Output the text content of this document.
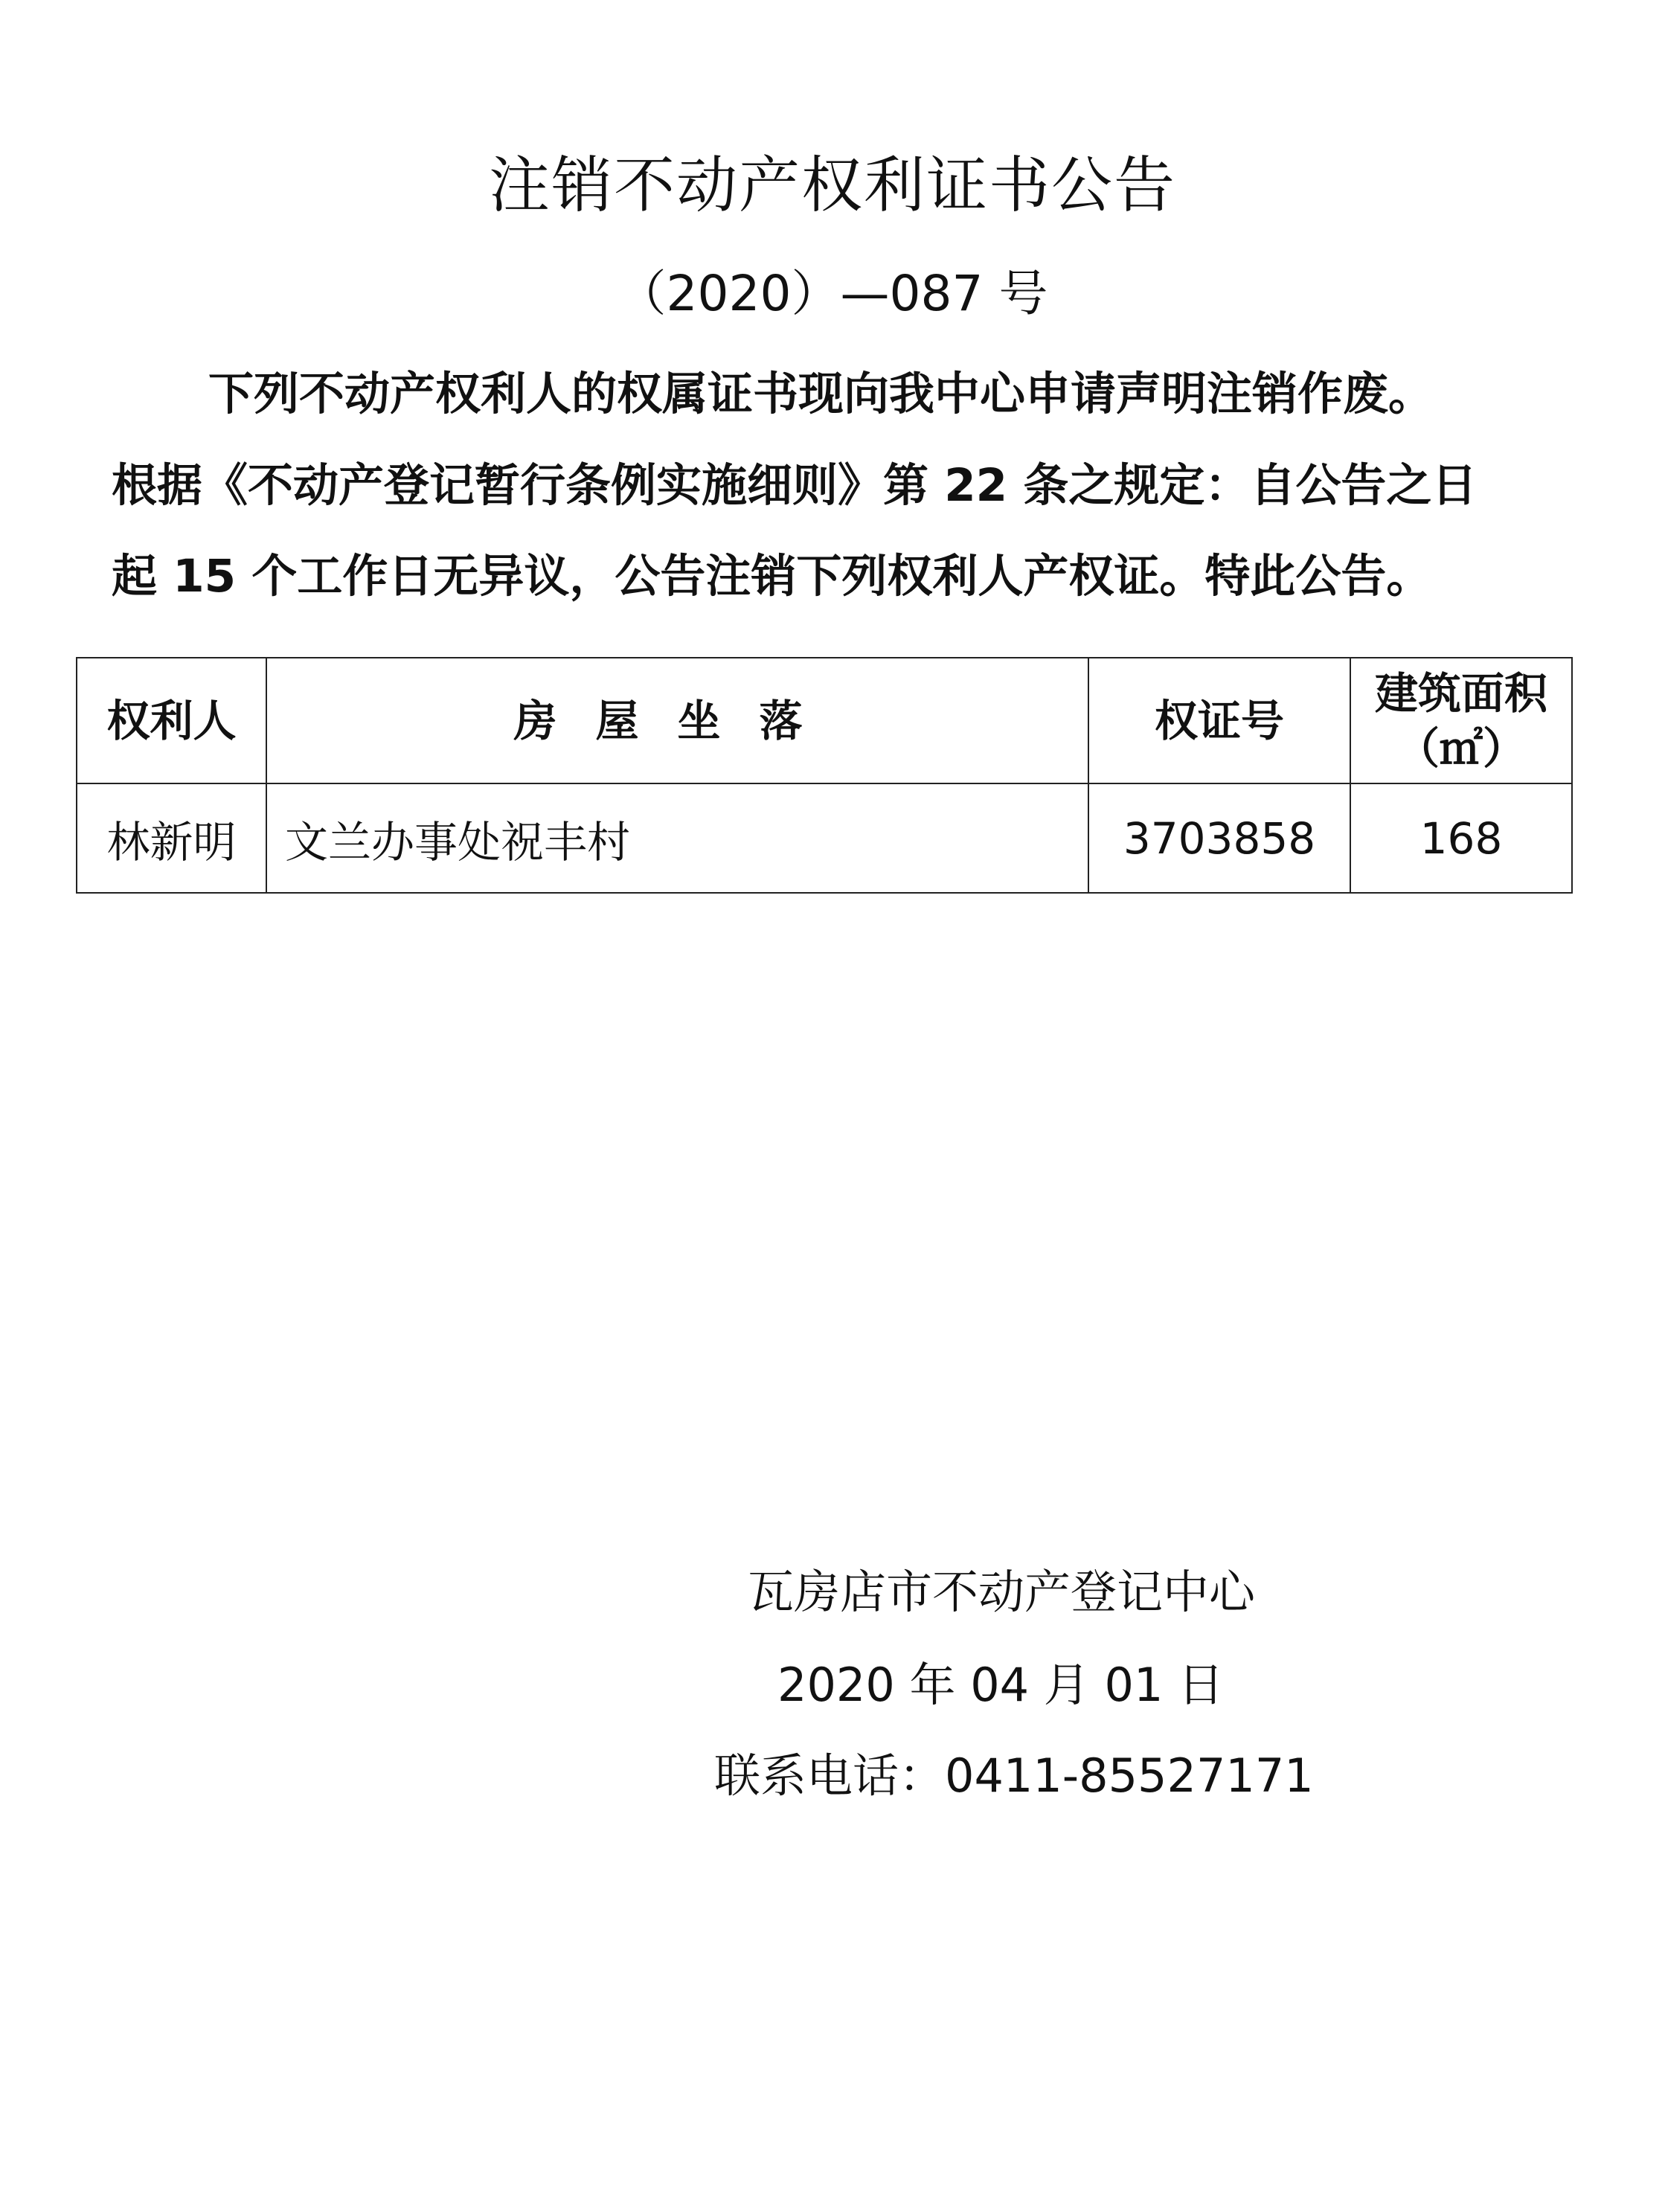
注销不动产权利证书公告
（2020）—087 号
下列不动产权利人的权属证书现向我中心申请声明注销作废。
根据《不动产登记暂行条例实施细则》第 22 条之规定：自公告之日
起 15 个工作日无异议，公告注销下列权利人产权证。特此公告。
权利人	房屋坐落	权证号	建筑面积
（㎡）

林新明	文兰办事处祝丰村	3703858	168
瓦房店市不动产登记中心
2020 年 04 月 01 日
联系电话：0411-85527171
